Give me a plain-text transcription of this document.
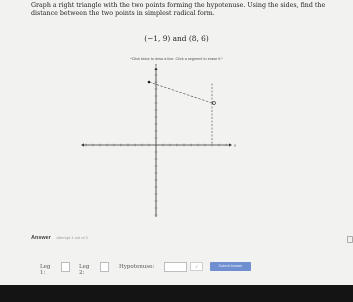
Graph a right triangle with the two points forming the hypotenuse. Using the sides, find the distance between the two points in simplest radical form.
(−1, 9) and (8, 6)
*Click twice to draw a line. Click a segment to erase it.*
y
x
Answer Attempt 1 out of 2
Leg 1:
Leg 2:
Hypotenuse:	√	Submit Answer
